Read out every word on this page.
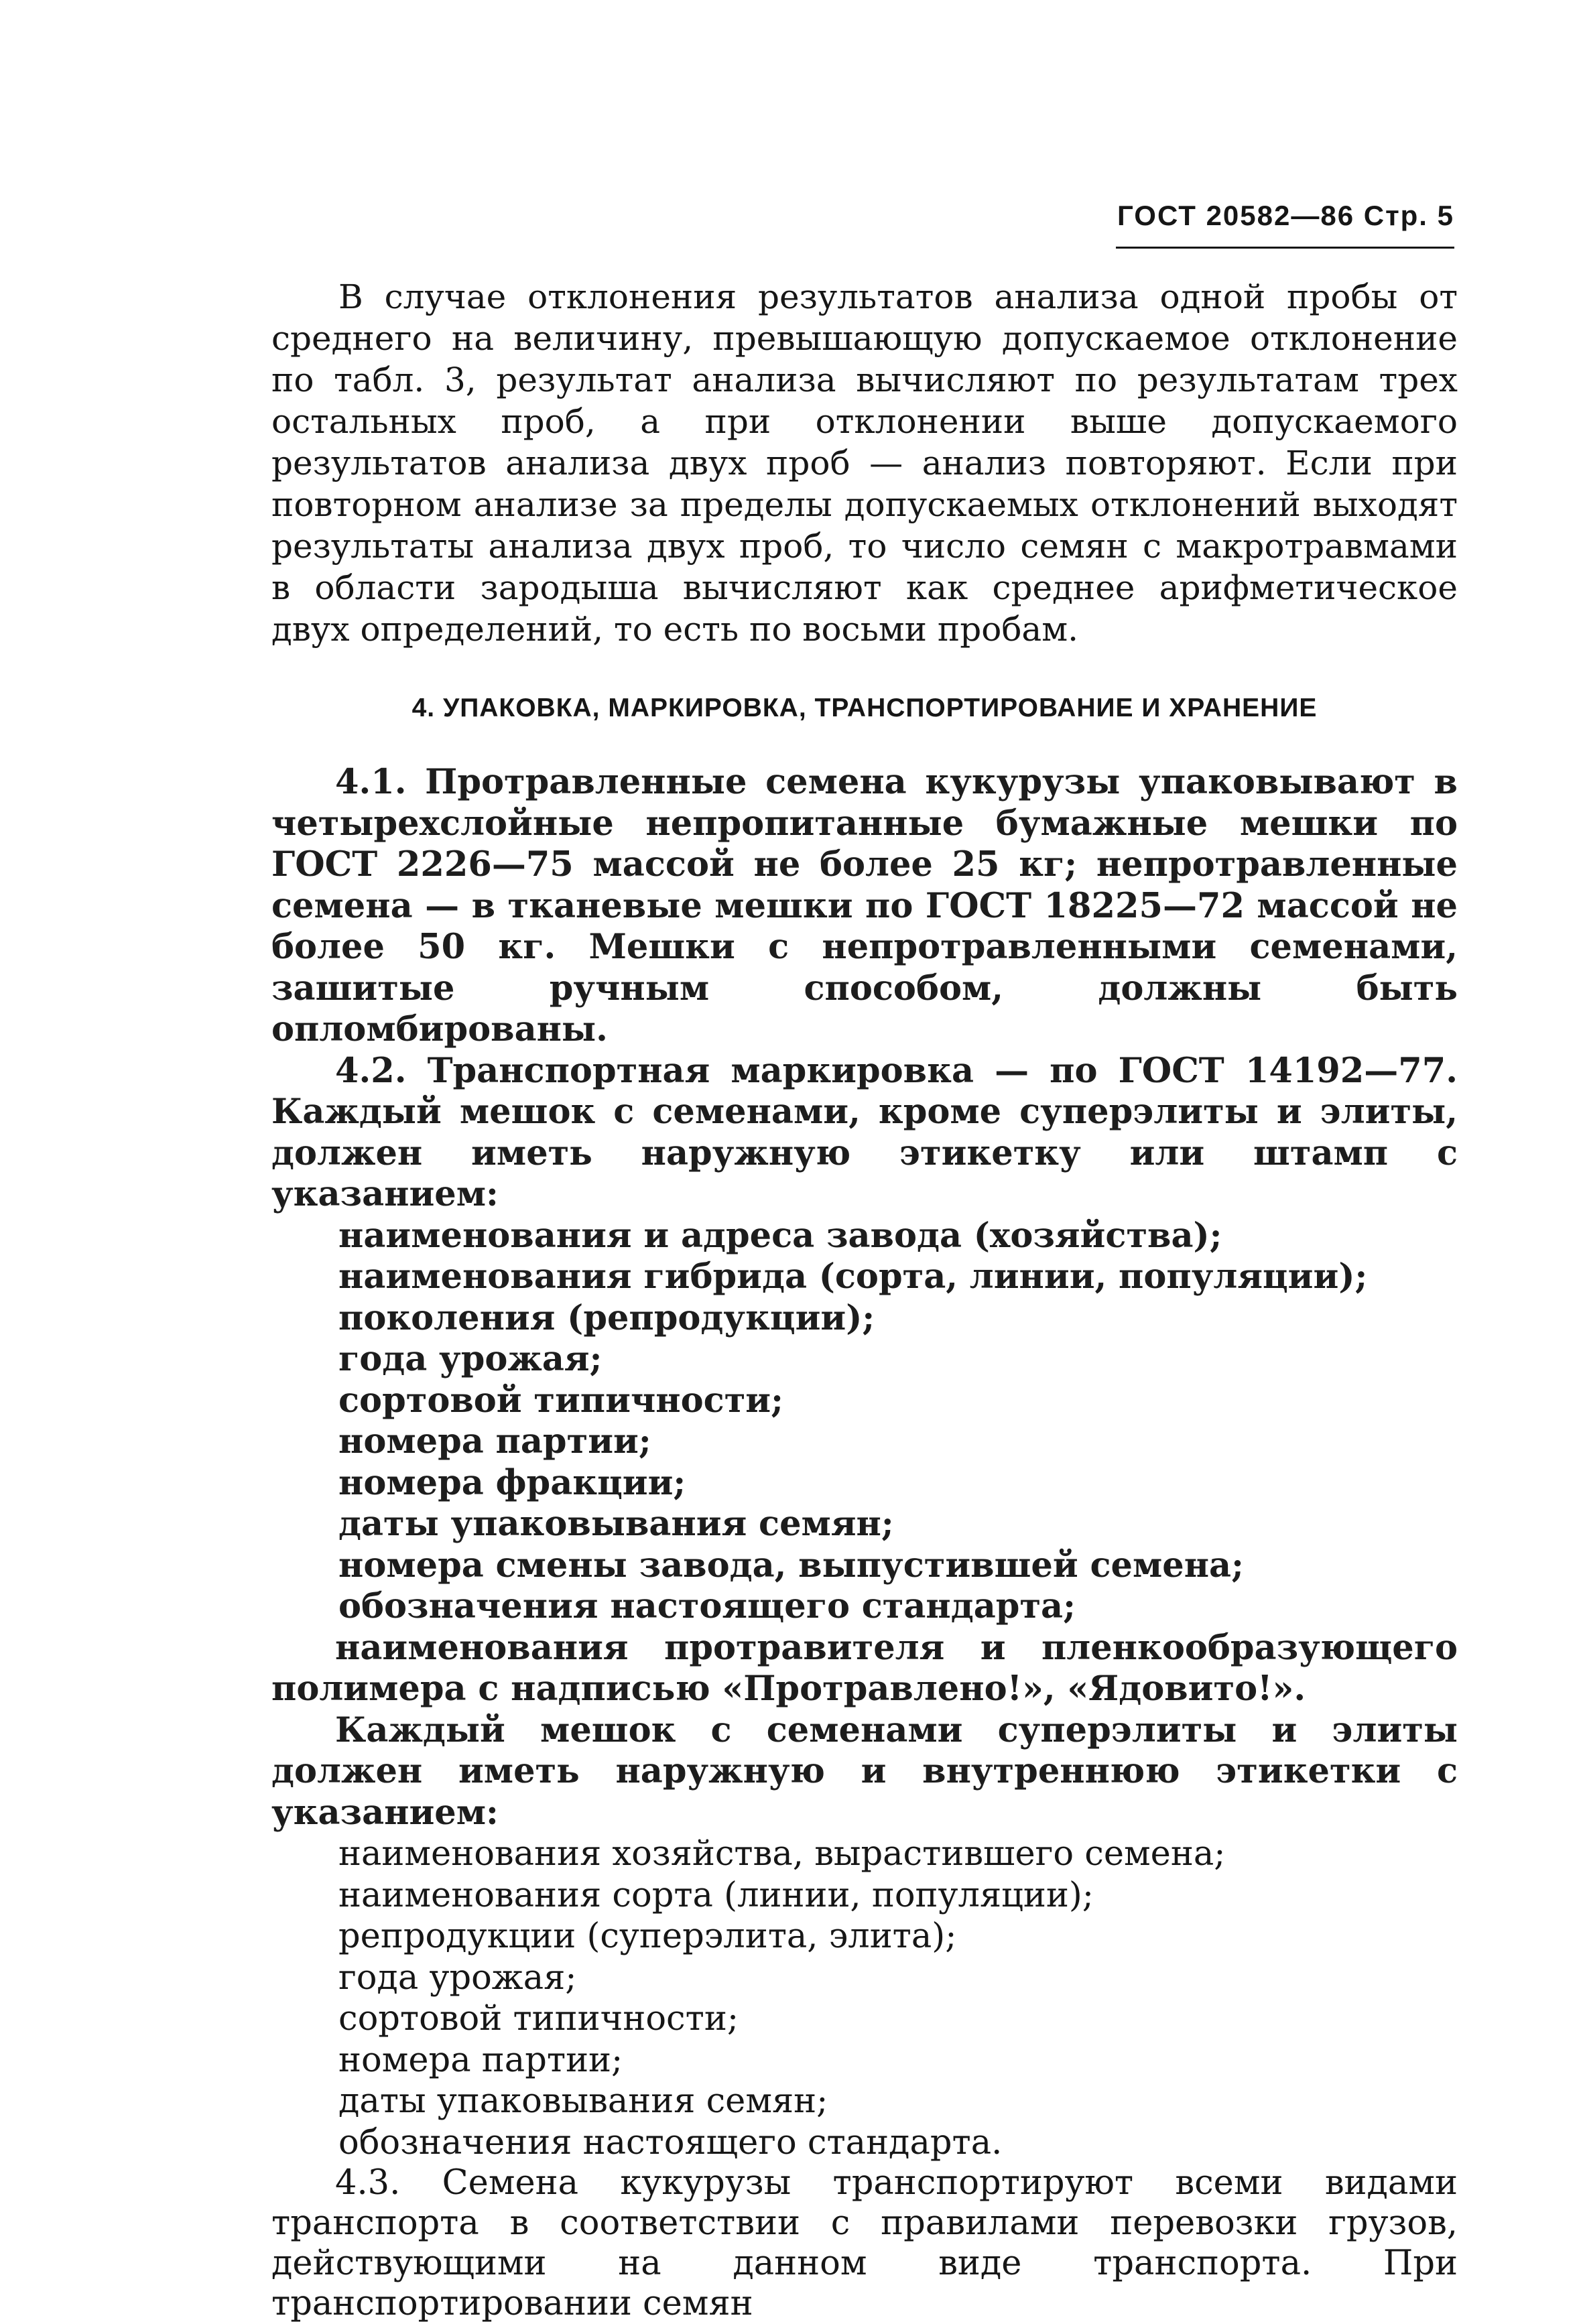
ГОСТ 20582—86 Стр. 5

В случае отклонения результатов анализа одной пробы от среднего на величину, превышающую допускаемое отклонение по табл. 3, результат анализа вычисляют по результатам трех остальных проб, а при отклонении выше допускаемого результатов анализа двух проб — анализ повторяют. Если при повторном анализе за пределы допускаемых отклонений выходят результаты анализа двух проб, то число семян с макротравмами в области зародыша вычисляют как среднее арифметическое двух определений, то есть по восьми пробам.

4. УПАКОВКА, МАРКИРОВКА, ТРАНСПОРТИРОВАНИЕ И ХРАНЕНИЕ

4.1. Протравленные семена кукурузы упаковывают в четырехслойные непропитанные бумажные мешки по ГОСТ 2226—75 массой не более 25 кг; непротравленные семена — в тканевые мешки по ГОСТ 18225—72 массой не более 50 кг. Мешки с непротравленными семенами, зашитые ручным способом, должны быть опломбированы.

4.2. Транспортная маркировка — по ГОСТ 14192—77. Каждый мешок с семенами, кроме суперэлиты и элиты, должен иметь наружную этикетку или штамп с указанием:

наименования и адреса завода (хозяйства);
наименования гибрида (сорта, линии, популяции);
поколения (репродукции);
года урожая;
сортовой типичности;
номера партии;
номера фракции;
даты упаковывания семян;
номера смены завода, выпустившей семена;
обозначения настоящего стандарта;

наименования протравителя и пленкообразующего полимера с надписью «Протравлено!», «Ядовито!».

Каждый мешок с семенами суперэлиты и элиты должен иметь наружную и внутреннюю этикетки с указанием:

наименования хозяйства, вырастившего семена;
наименования сорта (линии, популяции);
репродукции (суперэлита, элита);
года урожая;
сортовой типичности;
номера партии;
даты упаковывания семян;
обозначения настоящего стандарта.

4.3. Семена кукурузы транспортируют всеми видами транспорта в соответствии с правилами перевозки грузов, действующими на данном виде транспорта. При транспортировании семян
